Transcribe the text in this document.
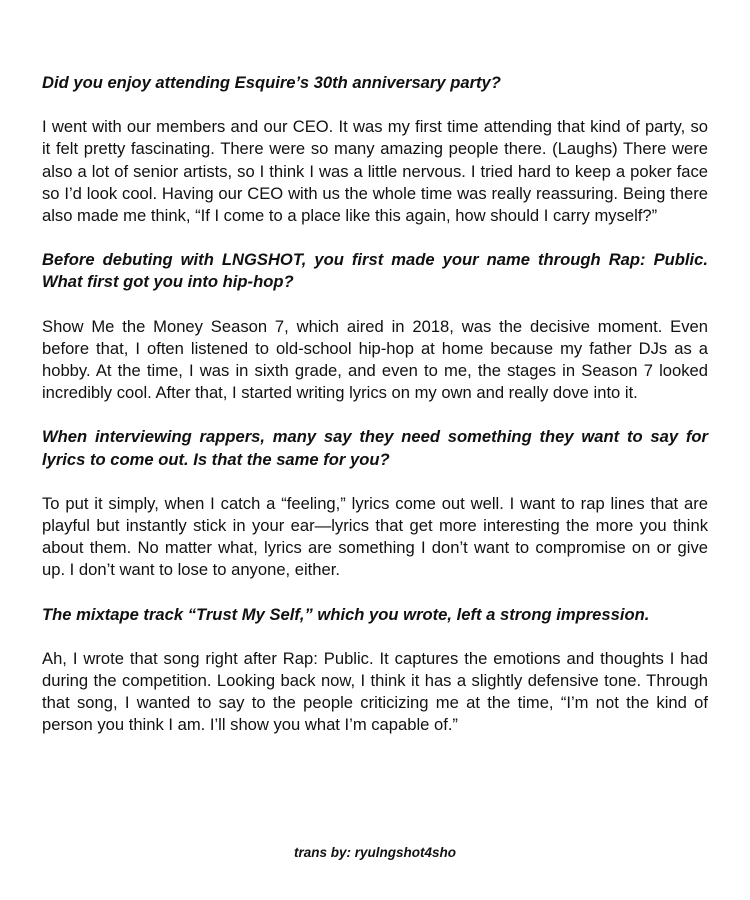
Did you enjoy attending Esquire’s 30th anniversary party?

I went with our members and our CEO. It was my first time attending that kind of party, so it felt pretty fascinating. There were so many amazing people there. (Laughs) There were also a lot of senior artists, so I think I was a little nervous. I tried hard to keep a poker face so I’d look cool. Having our CEO with us the whole time was really reassuring. Being there also made me think, “If I come to a place like this again, how should I carry myself?”

Before debuting with LNGSHOT, you first made your name through Rap: Public. What first got you into hip-hop?

Show Me the Money Season 7, which aired in 2018, was the decisive moment. Even before that, I often listened to old-school hip-hop at home because my father DJs as a hobby. At the time, I was in sixth grade, and even to me, the stages in Season 7 looked incredibly cool. After that, I started writing lyrics on my own and really dove into it.

When interviewing rappers, many say they need something they want to say for lyrics to come out. Is that the same for you?

To put it simply, when I catch a “feeling,” lyrics come out well. I want to rap lines that are playful but instantly stick in your ear—lyrics that get more interesting the more you think about them. No matter what, lyrics are something I don’t want to compromise on or give up. I don’t want to lose to anyone, either.

The mixtape track “Trust My Self,” which you wrote, left a strong impression.

Ah, I wrote that song right after Rap: Public. It captures the emotions and thoughts I had during the competition. Looking back now, I think it has a slightly defensive tone. Through that song, I wanted to say to the people criticizing me at the time, “I’m not the kind of person you think I am. I’ll show you what I’m capable of.”

trans by: ryulngshot4sho
